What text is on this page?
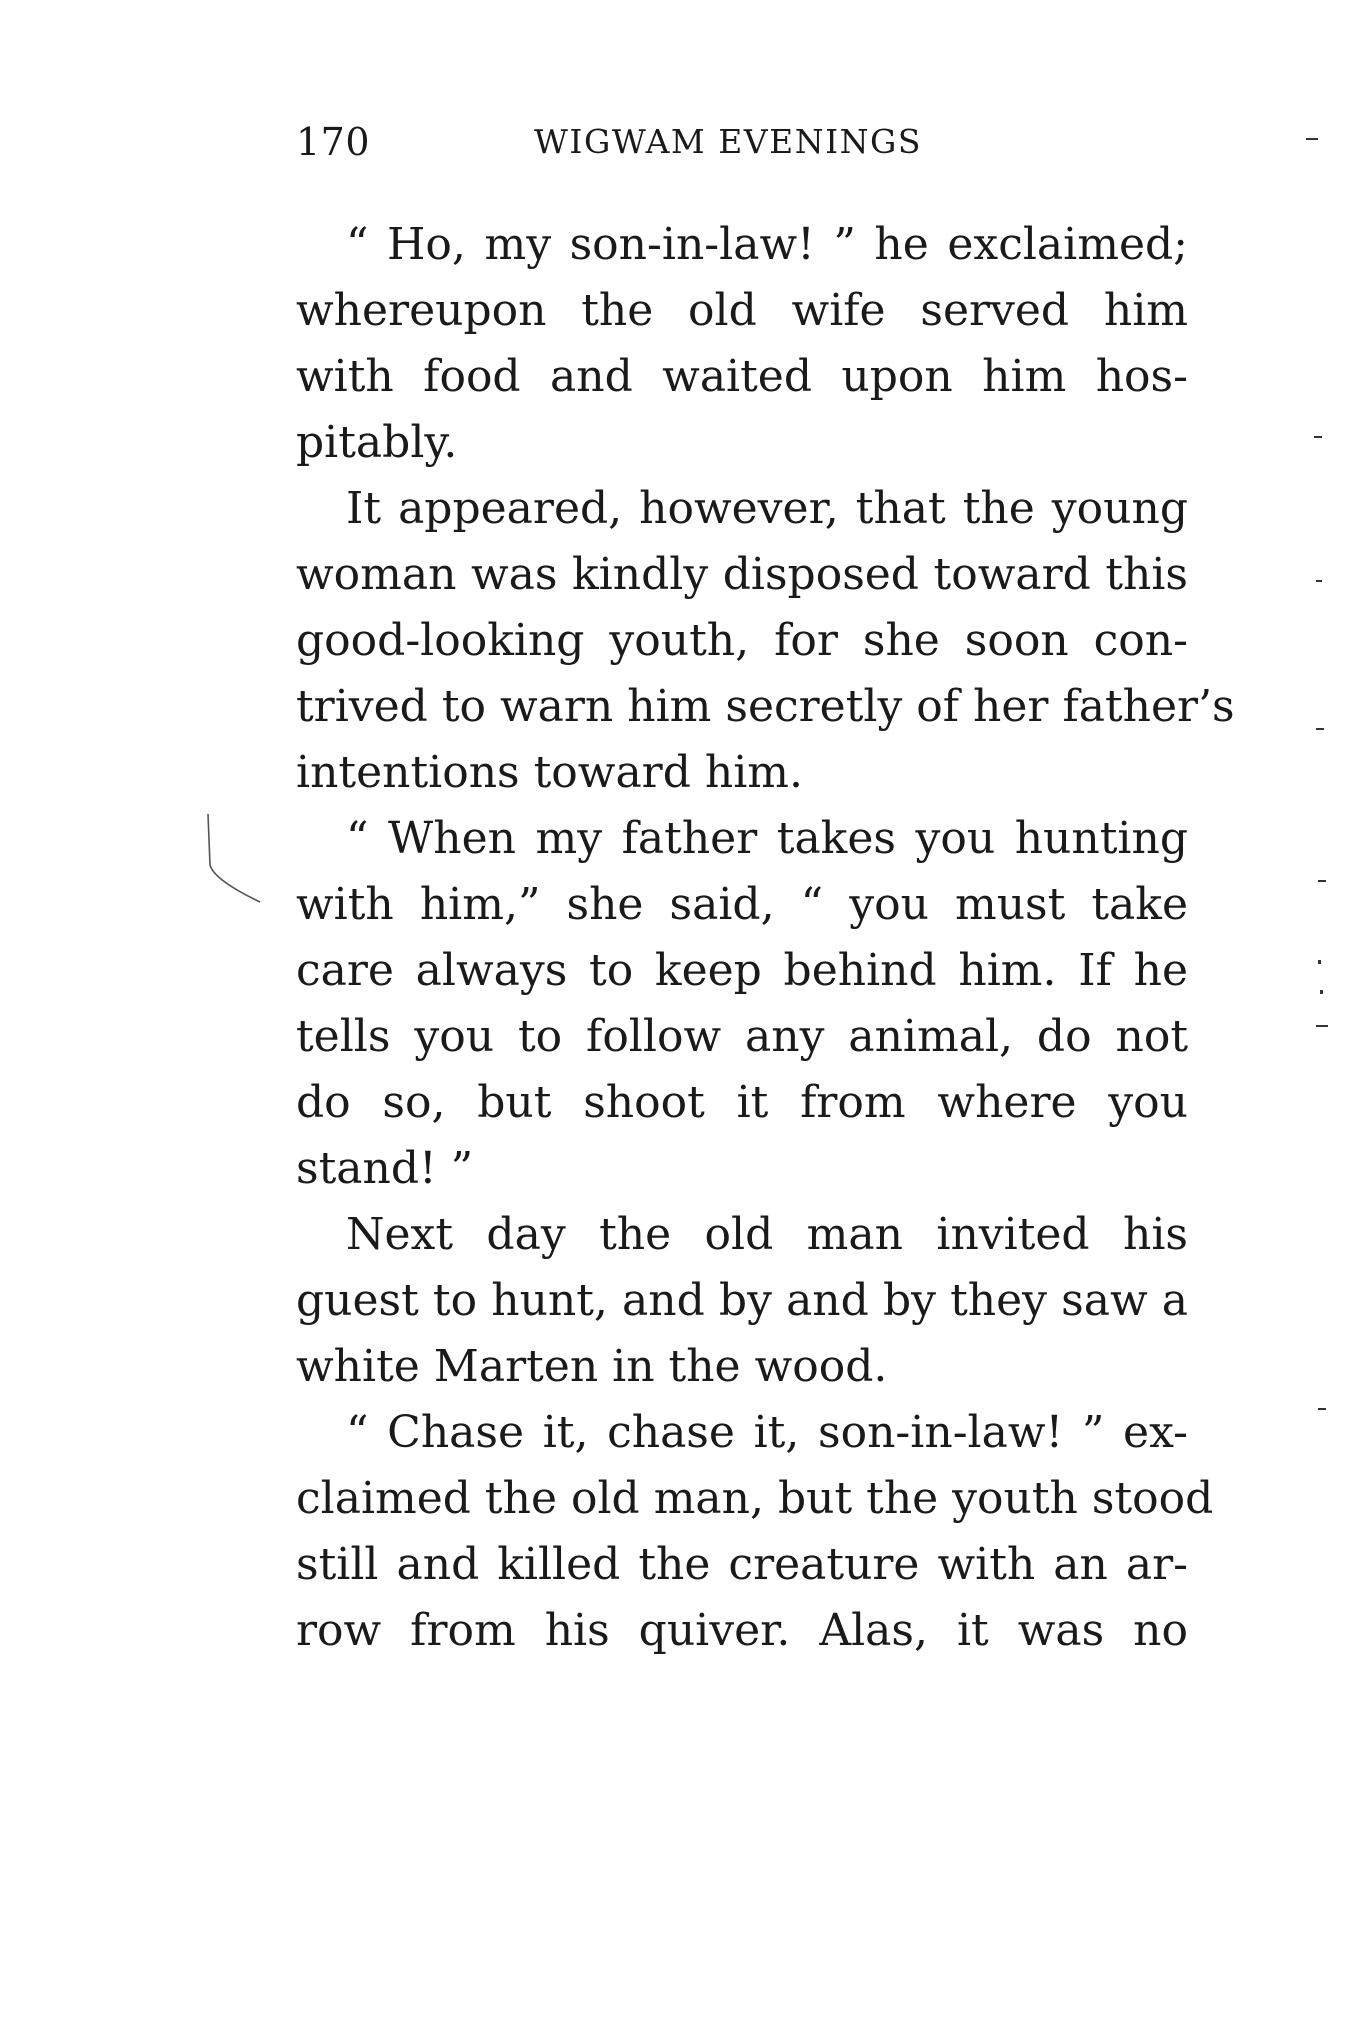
170	WIGWAM EVENINGS
“ Ho, my son-in-law! ” he exclaimed;
whereupon the old wife served him
with food and waited upon him hos-
pitably.
It appeared, however, that the young
woman was kindly disposed toward this
good-looking youth, for she soon con-
trived to warn him secretly of her father’s
intentions toward him.
“ When my father takes you hunting
with him,” she said, “ you must take
care always to keep behind him. If he
tells you to follow any animal, do not
do so, but shoot it from where you
stand! ”
Next day the old man invited his
guest to hunt, and by and by they saw a
white Marten in the wood.
“ Chase it, chase it, son-in-law! ” ex-
claimed the old man, but the youth stood
still and killed the creature with an ar-
row from his quiver. Alas, it was no
